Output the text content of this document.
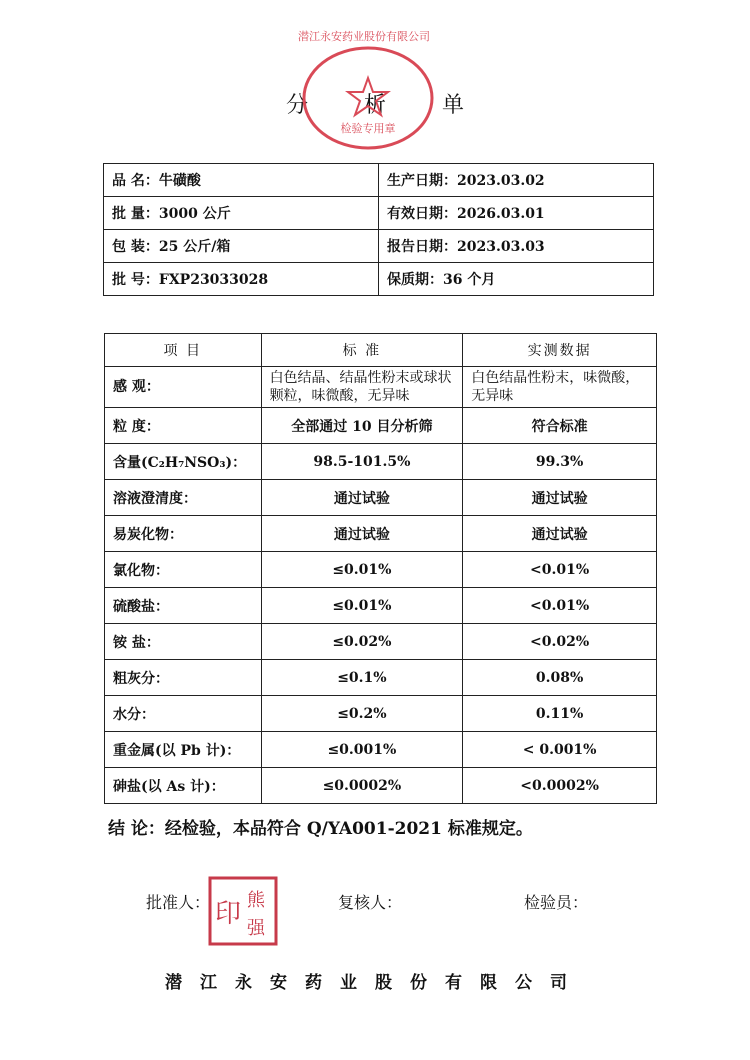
分析单
潜江永安药业股份有限公司
检验专用章
品 名：牛磺酸	生产日期：2023.03.02
批 量：3000 公斤	有效日期：2026.03.01
包 装：25 公斤/箱	报告日期：2023.03.03
批 号：FXP23033028	保质期：36 个月
项 目	标 准	实测数据
感 观：	白色结晶、结晶性粉末或球状颗粒，味微酸，无异味	白色结晶性粉末，味微酸，无异味
粒 度：	全部通过 10 目分析筛	符合标准
含量(C₂H₇NSO₃)：	98.5-101.5%	99.3%
溶液澄清度：	通过试验	通过试验
易炭化物：	通过试验	通过试验
氯化物：	≤0.01%	<0.01%
硫酸盐：	≤0.01%	<0.01%
铵 盐：	≤0.02%	<0.02%
粗灰分：	≤0.1%	0.08%
水分：	≤0.2%	0.11%
重金属(以 Pb 计)：	≤0.001%	< 0.001%
砷盐(以 As 计)：	≤0.0002%	<0.0002%
结 论：经检验，本品符合 Q/YA001-2021 标准规定。
批准人：	复核人：	检验员：
熊
强
印
潜江永安药业股份有限公司
